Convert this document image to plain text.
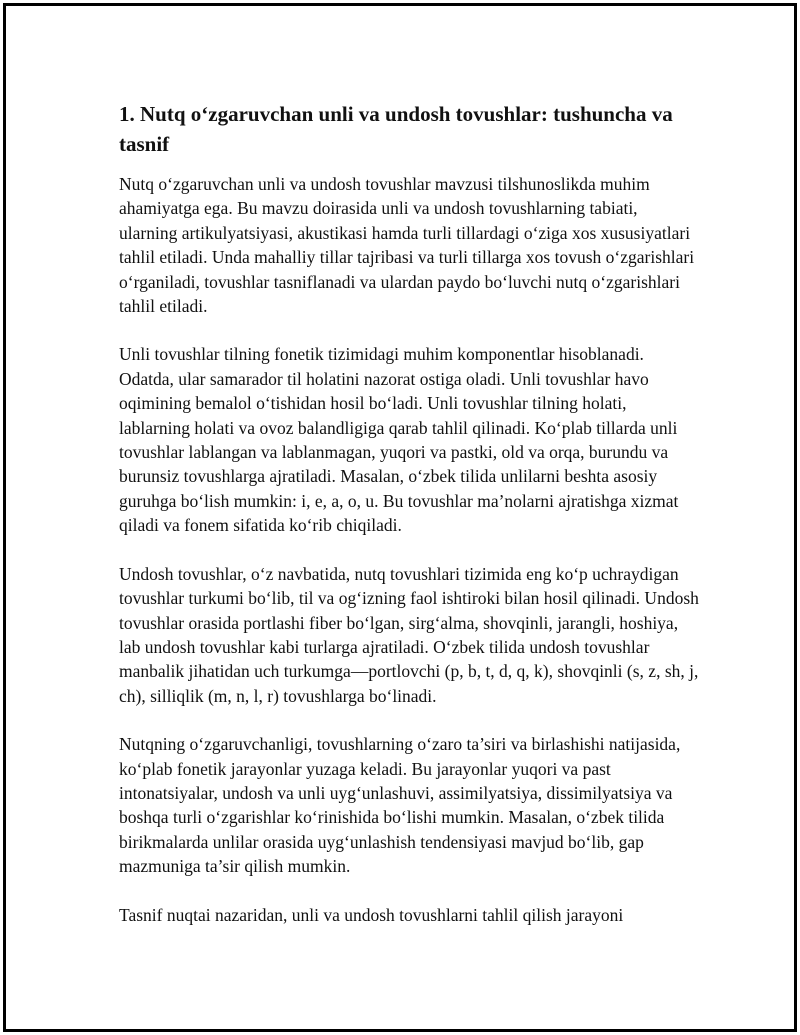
1. Nutq o‘zgaruvchan unli va undosh tovushlar: tushuncha va tasnif

Nutq o‘zgaruvchan unli va undosh tovushlar mavzusi tilshunoslikda muhim ahamiyatga ega. Bu mavzu doirasida unli va undosh tovushlarning tabiati, ularning artikulyatsiyasi, akustikasi hamda turli tillardagi o‘ziga xos xususiyatlari tahlil etiladi. Unda mahalliy tillar tajribasi va turli tillarga xos tovush o‘zgarishlari o‘rganiladi, tovushlar tasniflanadi va ulardan paydo bo‘luvchi nutq o‘zgarishlari tahlil etiladi.

Unli tovushlar tilning fonetik tizimidagi muhim komponentlar hisoblanadi. Odatda, ular samarador til holatini nazorat ostiga oladi. Unli tovushlar havo oqimining bemalol o‘tishidan hosil bo‘ladi. Unli tovushlar tilning holati, lablarning holati va ovoz balandligiga qarab tahlil qilinadi. Ko‘plab tillarda unli tovushlar lablangan va lablanmagan, yuqori va pastki, old va orqa, burundu va burunsiz tovushlarga ajratiladi. Masalan, o‘zbek tilida unlilarni beshta asosiy guruhga bo‘lish mumkin: i, e, a, o, u. Bu tovushlar ma’nolarni ajratishga xizmat qiladi va fonem sifatida ko‘rib chiqiladi.

Undosh tovushlar, o‘z navbatida, nutq tovushlari tizimida eng ko‘p uchraydigan tovushlar turkumi bo‘lib, til va og‘izning faol ishtiroki bilan hosil qilinadi. Undosh tovushlar orasida portlashi fiber bo‘lgan, sirg‘alma, shovqinli, jarangli, hoshiya, lab undosh tovushlar kabi turlarga ajratiladi. O‘zbek tilida undosh tovushlar manbalik jihatidan uch turkumga—portlovchi (p, b, t, d, q, k), shovqinli (s, z, sh, j, ch), silliqlik (m, n, l, r) tovushlarga bo‘linadi.

Nutqning o‘zgaruvchanligi, tovushlarning o‘zaro ta’siri va birlashishi natijasida, ko‘plab fonetik jarayonlar yuzaga keladi. Bu jarayonlar yuqori va past intonatsiyalar, undosh va unli uyg‘unlashuvi, assimilyatsiya, dissimilyatsiya va boshqa turli o‘zgarishlar ko‘rinishida bo‘lishi mumkin. Masalan, o‘zbek tilida birikmalarda unlilar orasida uyg‘unlashish tendensiyasi mavjud bo‘lib, gap mazmuniga ta’sir qilish mumkin.

Tasnif nuqtai nazaridan, unli va undosh tovushlarni tahlil qilish jarayoni
